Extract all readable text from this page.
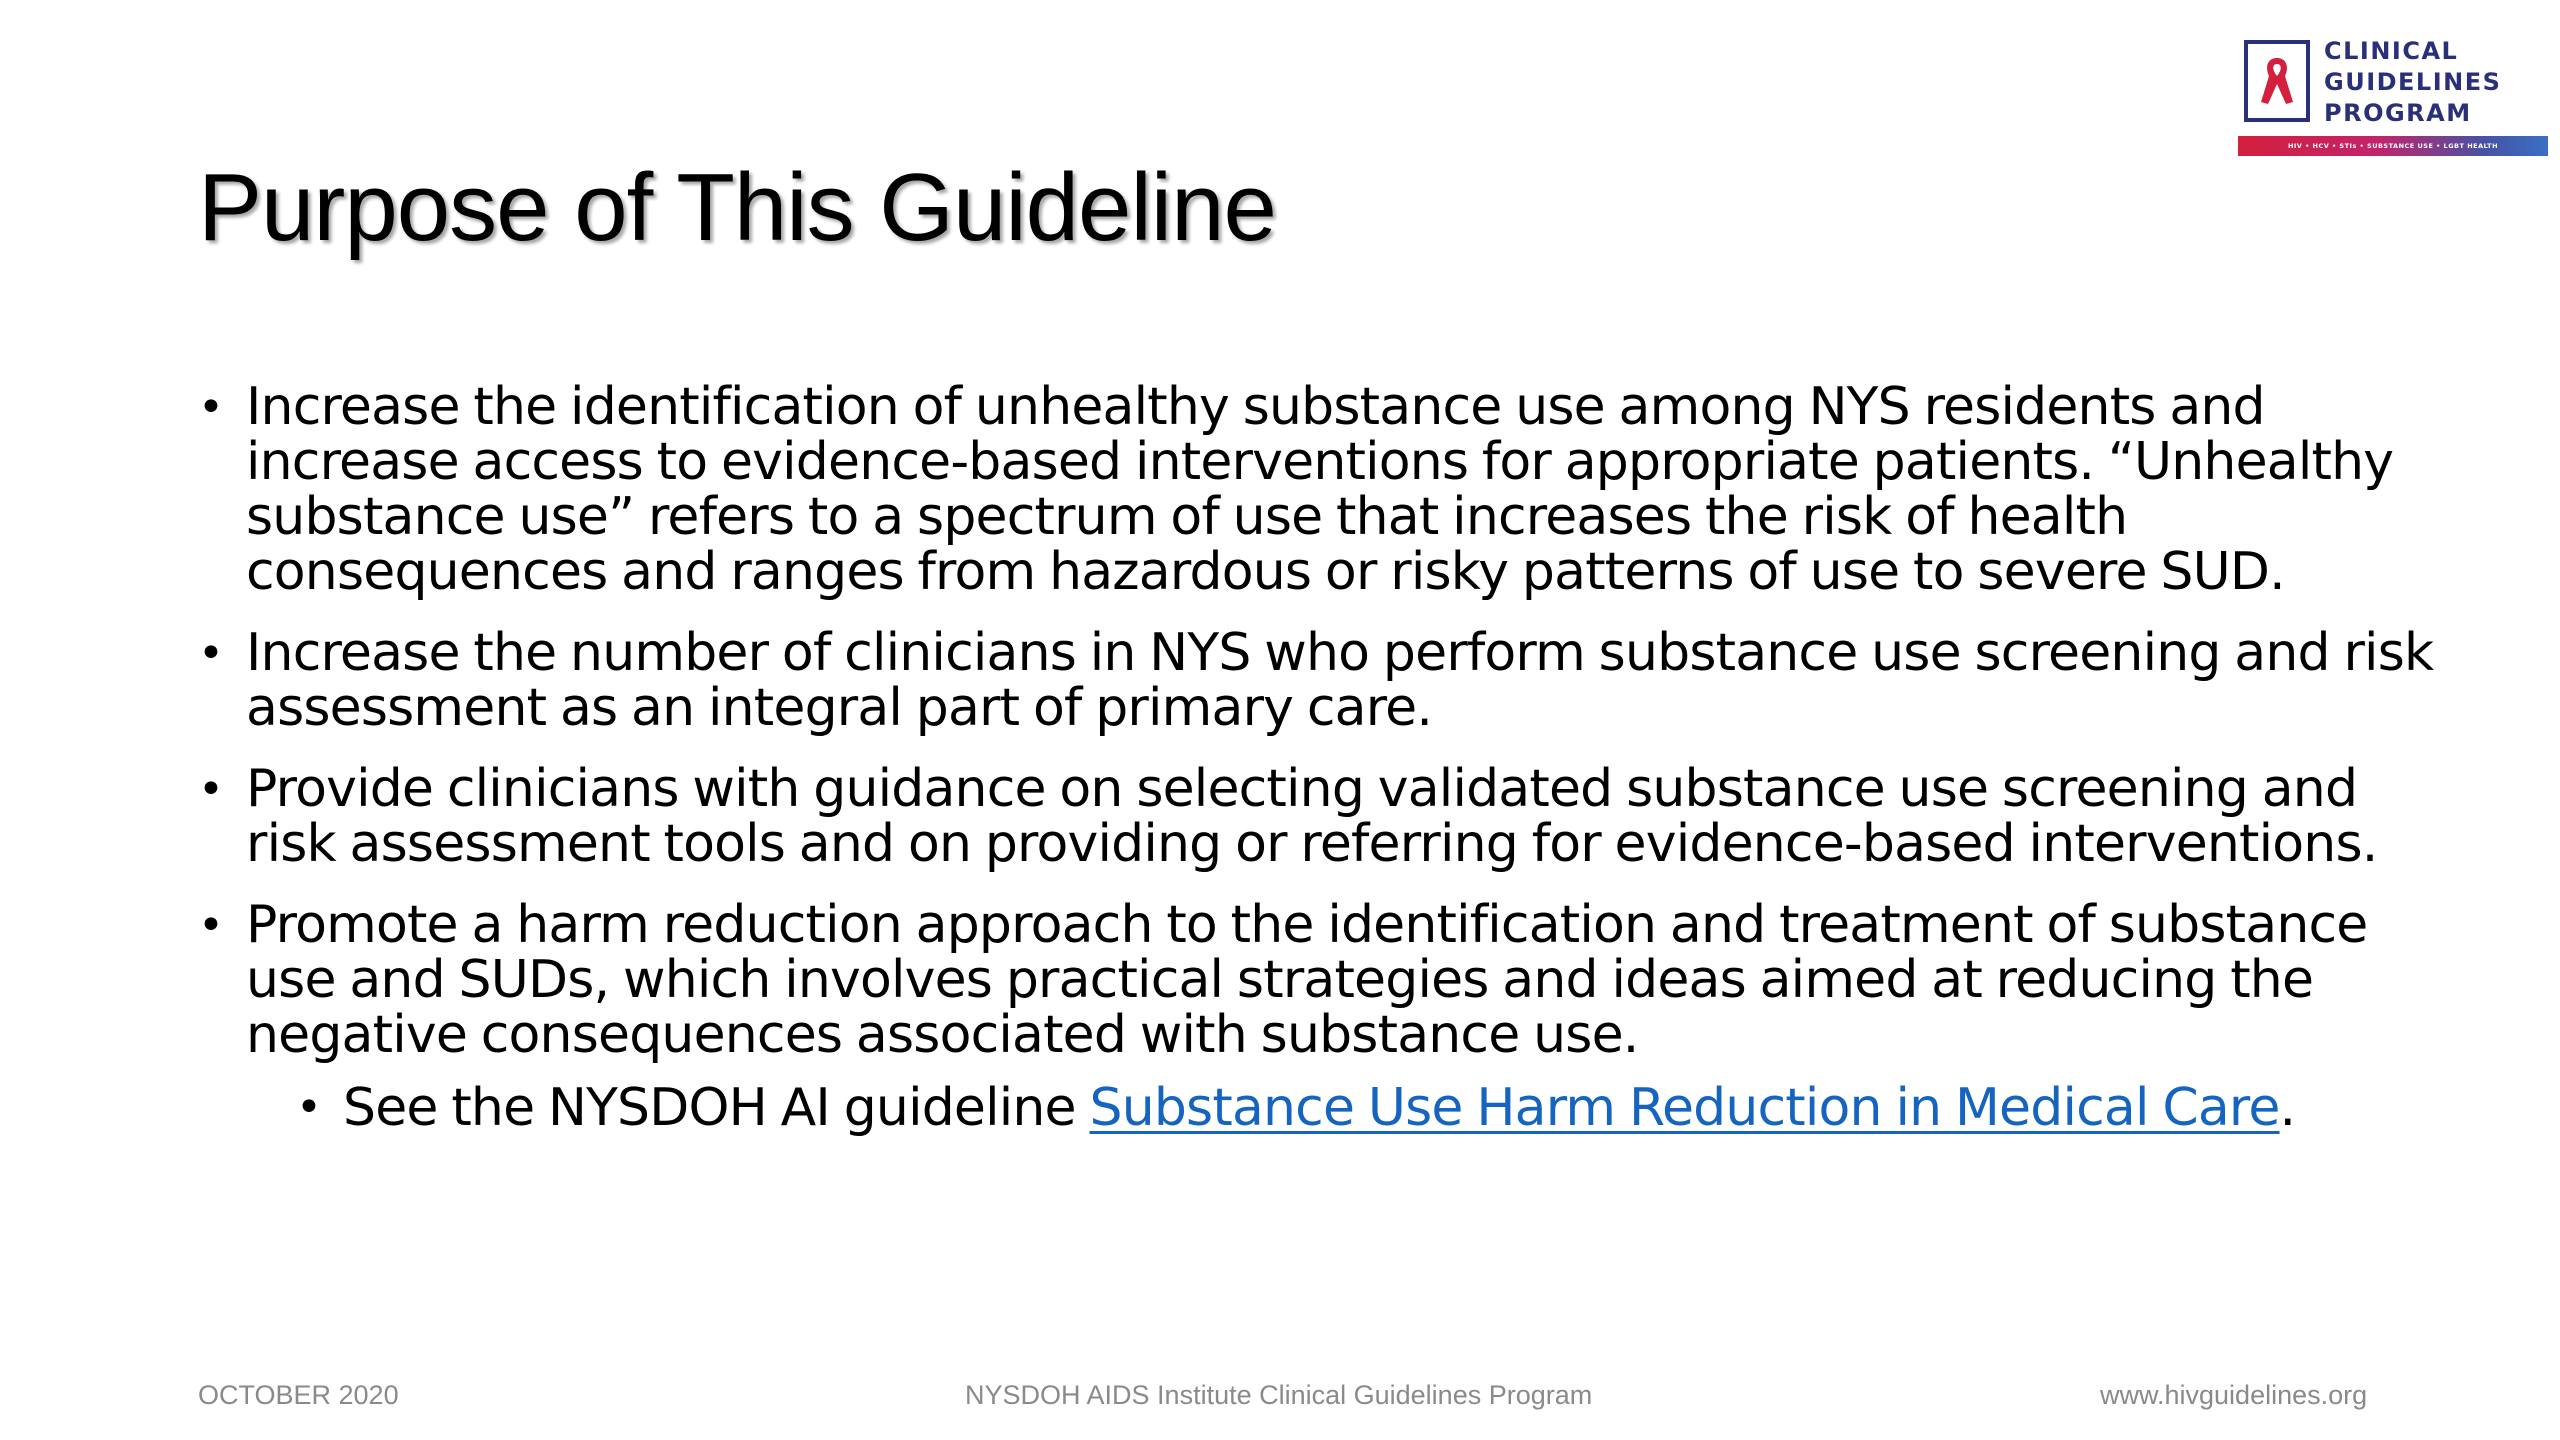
CLINICAL
GUIDELINES
PROGRAM
HIV • HCV • STIs • SUBSTANCE USE • LGBT HEALTH
Purpose of This Guideline
• Increase the identification of unhealthy substance use among NYS residents and increase access to evidence-based interventions for appropriate patients. “Unhealthy substance use” refers to a spectrum of use that increases the risk of health consequences and ranges from hazardous or risky patterns of use to severe SUD.
• Increase the number of clinicians in NYS who perform substance use screening and risk assessment as an integral part of primary care.
• Provide clinicians with guidance on selecting validated substance use screening and risk assessment tools and on providing or referring for evidence-based interventions.
• Promote a harm reduction approach to the identification and treatment of substance use and SUDs, which involves practical strategies and ideas aimed at reducing the negative consequences associated with substance use.
• See the NYSDOH AI guideline Substance Use Harm Reduction in Medical Care.
OCTOBER 2020	NYSDOH AIDS Institute Clinical Guidelines Program	www.hivguidelines.org
